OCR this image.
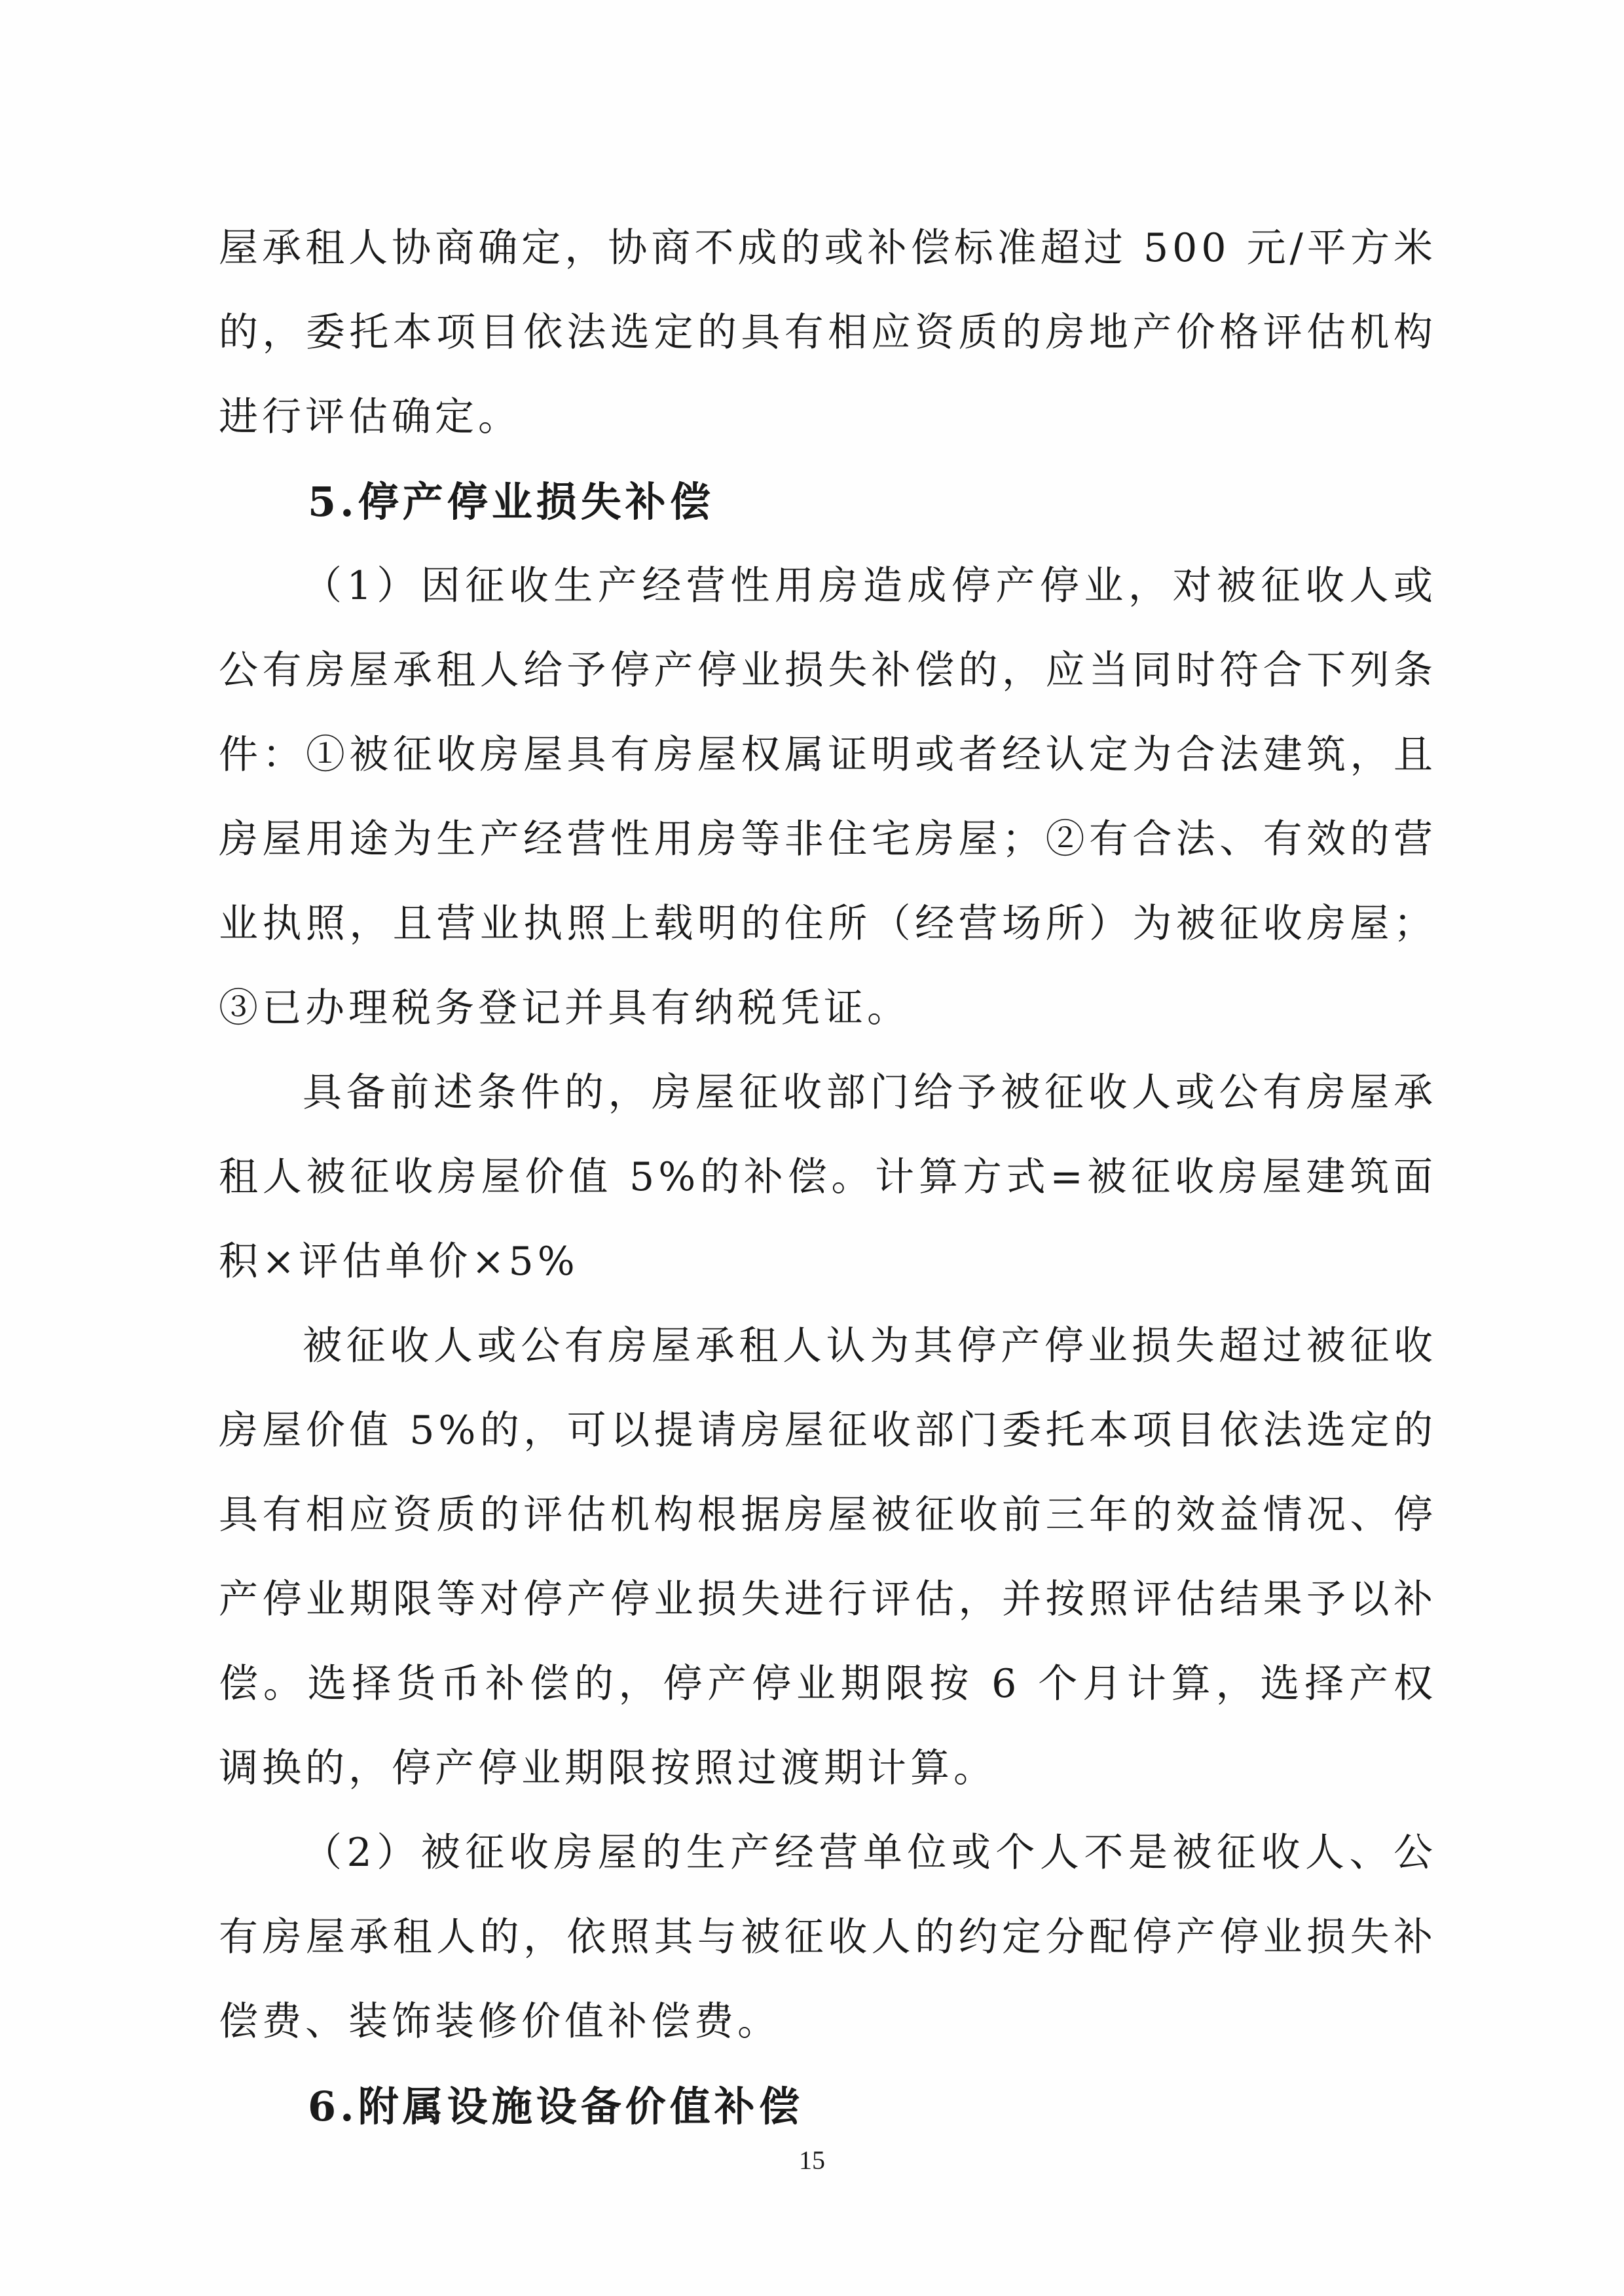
屋承租人协商确定，协商不成的或补偿标准超过 500 元/平方米的，委托本项目依法选定的具有相应资质的房地产价格评估机构进行评估确定。

5.停产停业损失补偿

（1）因征收生产经营性用房造成停产停业，对被征收人或公有房屋承租人给予停产停业损失补偿的，应当同时符合下列条件：①被征收房屋具有房屋权属证明或者经认定为合法建筑，且房屋用途为生产经营性用房等非住宅房屋；②有合法、有效的营业执照，且营业执照上载明的住所（经营场所）为被征收房屋；③已办理税务登记并具有纳税凭证。

具备前述条件的，房屋征收部门给予被征收人或公有房屋承租人被征收房屋价值 5%的补偿。计算方式=被征收房屋建筑面积×评估单价×5%

被征收人或公有房屋承租人认为其停产停业损失超过被征收房屋价值 5%的，可以提请房屋征收部门委托本项目依法选定的具有相应资质的评估机构根据房屋被征收前三年的效益情况、停产停业期限等对停产停业损失进行评估，并按照评估结果予以补偿。选择货币补偿的，停产停业期限按 6 个月计算，选择产权调换的，停产停业期限按照过渡期计算。

（2）被征收房屋的生产经营单位或个人不是被征收人、公有房屋承租人的，依照其与被征收人的约定分配停产停业损失补偿费、装饰装修价值补偿费。

6.附属设施设备价值补偿

15
